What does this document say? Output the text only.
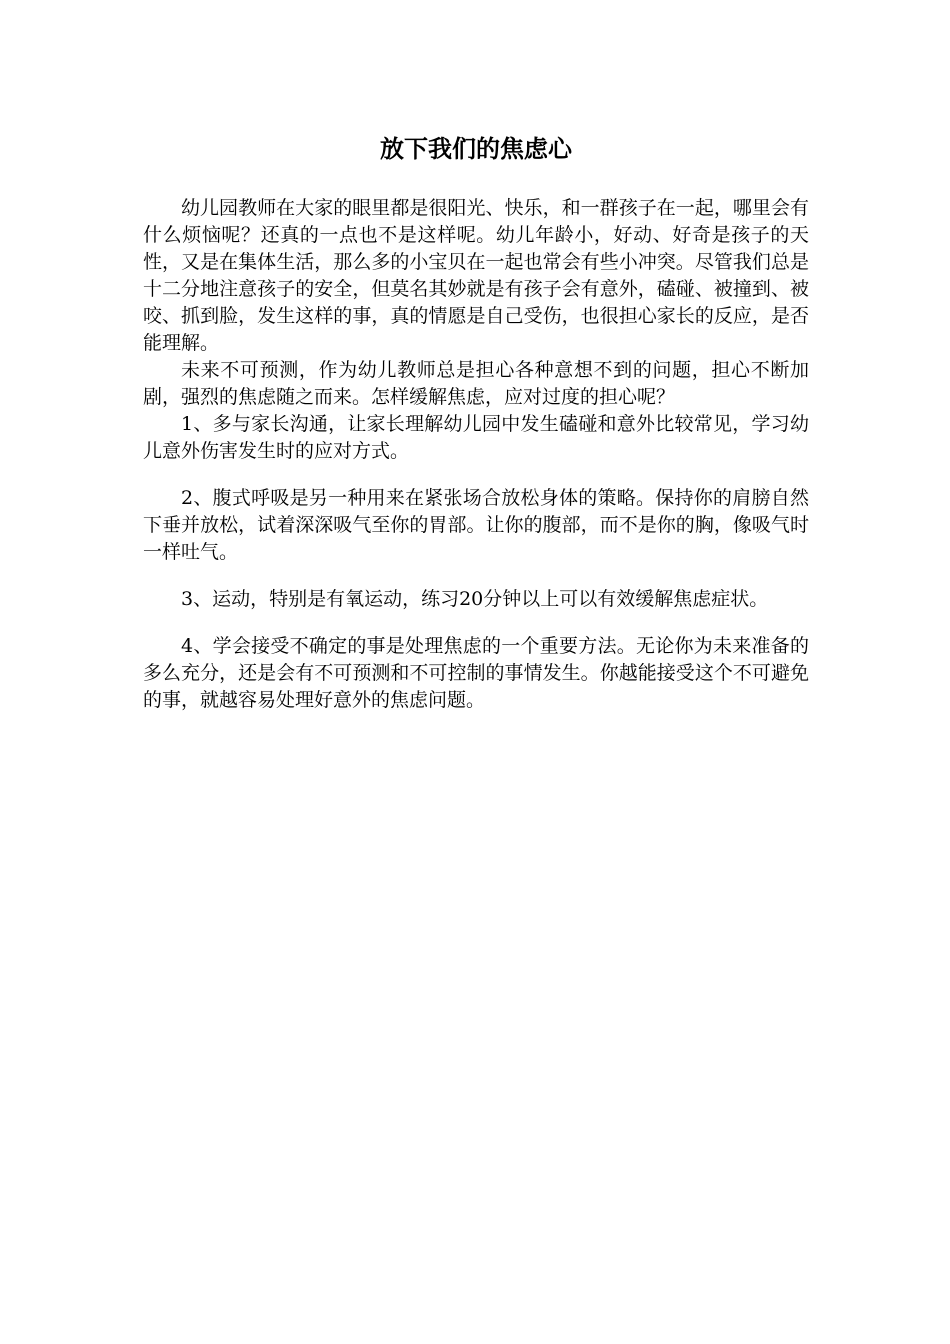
放下我们的焦虑心

幼儿园教师在大家的眼里都是很阳光、快乐，和一群孩子在一起，哪里会有什么烦恼呢？还真的一点也不是这样呢。幼儿年龄小，好动、好奇是孩子的天性，又是在集体生活，那么多的小宝贝在一起也常会有些小冲突。尽管我们总是十二分地注意孩子的安全，但莫名其妙就是有孩子会有意外，磕碰、被撞到、被咬、抓到脸，发生这样的事，真的情愿是自己受伤，也很担心家长的反应，是否能理解。

未来不可预测，作为幼儿教师总是担心各种意想不到的问题，担心不断加剧，强烈的焦虑随之而来。怎样缓解焦虑，应对过度的担心呢？

1、多与家长沟通，让家长理解幼儿园中发生磕碰和意外比较常见，学习幼儿意外伤害发生时的应对方式。

2、腹式呼吸是另一种用来在紧张场合放松身体的策略。保持你的肩膀自然下垂并放松，试着深深吸气至你的胃部。让你的腹部，而不是你的胸，像吸气时一样吐气。

3、运动，特别是有氧运动，练习20分钟以上可以有效缓解焦虑症状。

4、学会接受不确定的事是处理焦虑的一个重要方法。无论你为未来准备的多么充分，还是会有不可预测和不可控制的事情发生。你越能接受这个不可避免的事，就越容易处理好意外的焦虑问题。
